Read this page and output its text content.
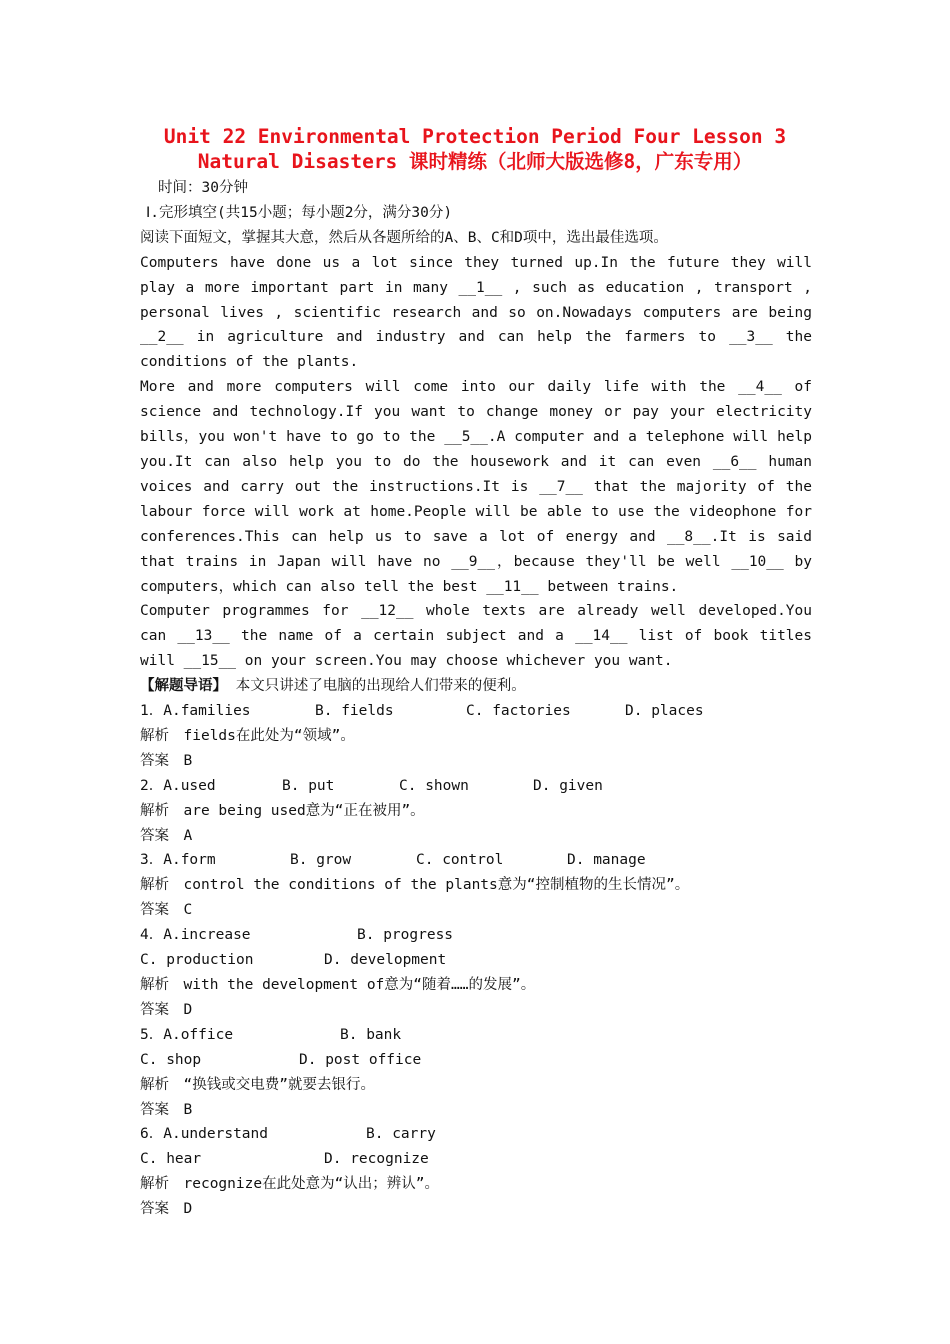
Unit 22 Environmental Protection Period Four Lesson 3
Natural Disasters 课时精练（北师大版选修8，广东专用）
时间：30分钟
Ⅰ.完形填空(共15小题；每小题2分，满分30分)
阅读下面短文，掌握其大意，然后从各题所给的A、B、C和D项中，选出最佳选项。
Computers have done us a lot since they turned up.In the future they will play a more important part in many __1__ , such as education , transport , personal lives , scientific research and so on.Nowadays computers are being __2__ in agriculture and industry and can help the farmers to __3__ the conditions of the plants.
More and more computers will come into our daily life with the __4__ of science and technology.If you want to change money or pay your electricity bills，you won't have to go to the __5__.A computer and a telephone will help you.It can also help you to do the housework and it can even __6__ human voices and carry out the instructions.It is __7__ that the majority of the labour force will work at home.People will be able to use the videophone for conferences.This can help us to save a lot of energy and __8__.It is said that trains in Japan will have no __9__，because they'll be well __10__ by computers，which can also tell the best __11__ between trains.
Computer programmes for __12__ whole texts are already well developed.You can __13__ the name of a certain subject and a __14__ list of book titles will __15__ on your screen.You may choose whichever you want.
【解题导语】 本文只讲述了电脑的出现给人们带来的便利。
1．A.families	B. fields	C. factories	D. places
解析　fields在此处为“领域”。
答案　B
2．A.used	B. put	C. shown	D. given
解析　are being used意为“正在被用”。
答案　A
3．A.form	B. grow	C. control	D. manage
解析　control the conditions of the plants意为“控制植物的生长情况”。
答案　C
4．A.increase	B. progress
C. production	D. development
解析　with the development of意为“随着……的发展”。
答案　D
5．A.office	B. bank
C. shop	D. post office
解析　“换钱或交电费”就要去银行。
答案　B
6．A.understand	B. carry
C. hear	D. recognize
解析　recognize在此处意为“认出；辨认”。
答案　D
